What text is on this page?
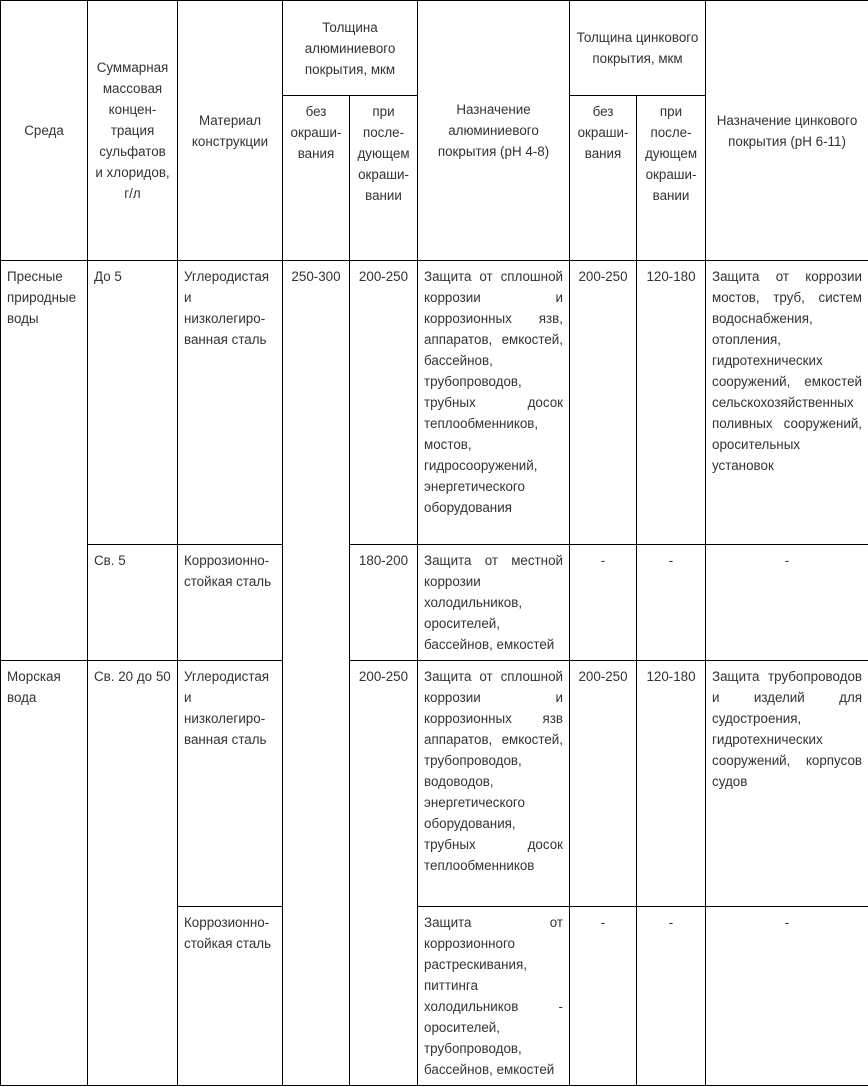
Среда	Суммарная массовая концен-трация сульфатов и хлоридов, г/л	Материал конструкции	Толщина алюминиевого покрытия, мкм		Назначение алюминиевого покрытия (pH 4-8)	Толщина цинкового покрытия, мкм		Назначение цинкового покрытия (pH 6-11)
			без окраши-вания	при после-дующем окраши-вании		без окраши-вания	при после-дующем окраши-вании	
Пресные природные воды	До 5	Углеродистая и низколегиро-ванная сталь	250-300	200-250	Защита от сплошной коррозии и коррозионных язв, аппаратов, емкостей, бассейнов, трубопроводов, трубных досок теплообменников, мостов, гидросооружений, энергетического оборудования	200-250	120-180	Защита от коррозии мостов, труб, систем водоснабжения, отопления, гидротехнических сооружений, емкостей сельскохозяйственных поливных сооружений, оросительных установок
	Св. 5	Коррозионно-стойкая сталь		180-200	Защита от местной коррозии холодильников, оросителей, бассейнов, емкостей	-	-	-
Морская вода	Св. 20 до 50	Углеродистая и низколегиро-ванная сталь		200-250	Защита от сплошной коррозии и коррозионных язв аппаратов, емкостей, трубопроводов, водоводов, энергетического оборудования, трубных досок теплообменников	200-250	120-180	Защита трубопроводов и изделий для судостроения, гидротехнических сооружений, корпусов судов
		Коррозионно-стойкая сталь			Защита от коррозионного растрескивания, питтинга холодильников - оросителей, трубопроводов, бассейнов, емкостей	-	-	-
